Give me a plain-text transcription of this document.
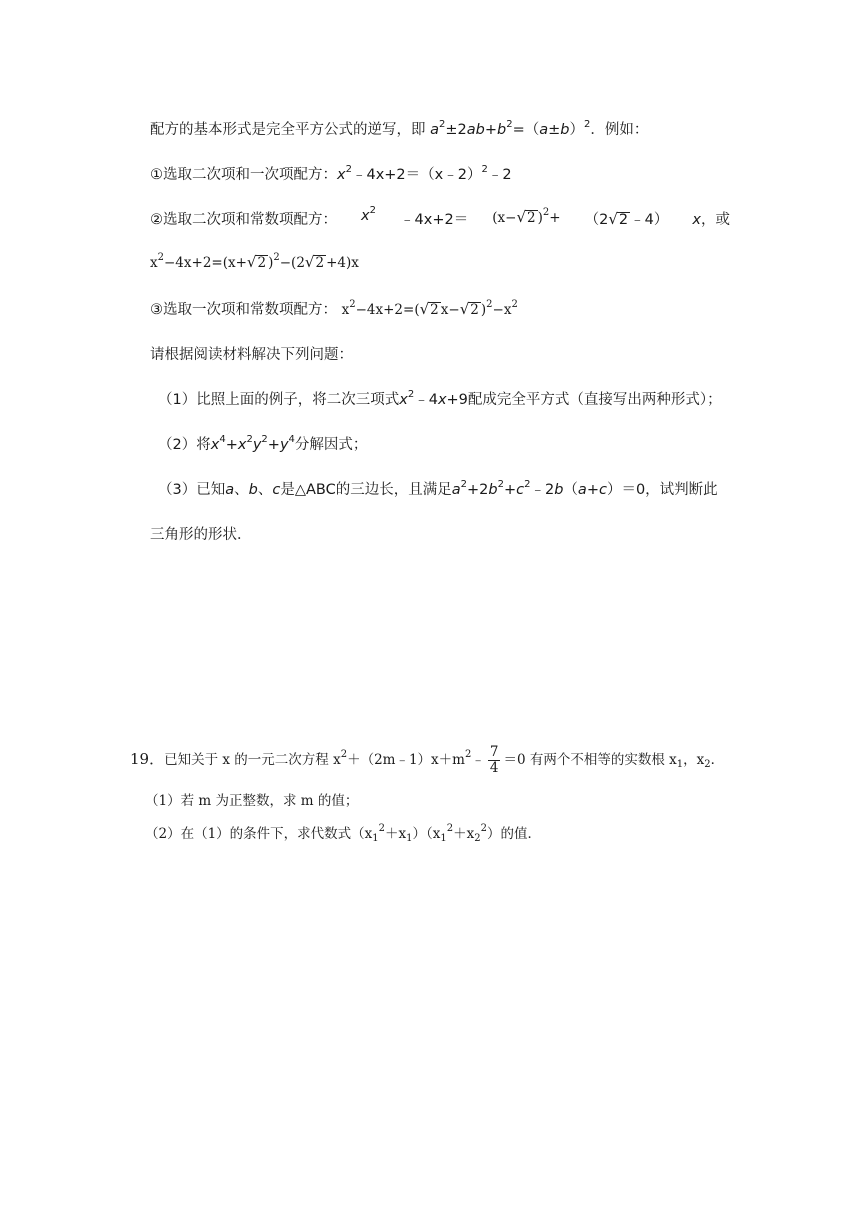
配方的基本形式是完全平方公式的逆写，即 $a^2\pm 2ab+b^2=(a\pm b)^2$．例如：
①选取二次项和一次项配方：$x^2﹣4x+2=(x﹣2)^2﹣2$
②选取二次项和常数项配方： $x^2$
﹣4x+2＝ (x−√2 )$^2$+ （2√2 ﹣4） x，或
$x^2-4x+2=(x+√2$ )$^2$−(2√2 +4)x
③选取一次项和常数项配方： $x^2-4x+2=(√2$ x−√2 )$^2-x^2$
请根据阅读材料解决下列问题：
（1）比照上面的例子，将二次三项式$x^2﹣4x+9$配成完全平方式（直接写出两种形式）；
（2）将$x^4+x^2y^2+y^4$分解因式；
（3）已知a、b、c是△ABC的三边长，且满足$a^2+2b^2+c^2﹣2b(a+c)=0$，试判断此
三角形的形状．
19．已知关于 x 的一元二次方程 $x^2+(2m﹣1)x+m^2﹣ \frac{7}{4} =0$ 有两个不相等的实数根 $x_1$，$x_2$．
（1）若 m 为正整数，求 m 的值；
（2）在（1）的条件下，求代数式$(x_1^2+x_1)(x_1^2+x_2^2)$的值．
